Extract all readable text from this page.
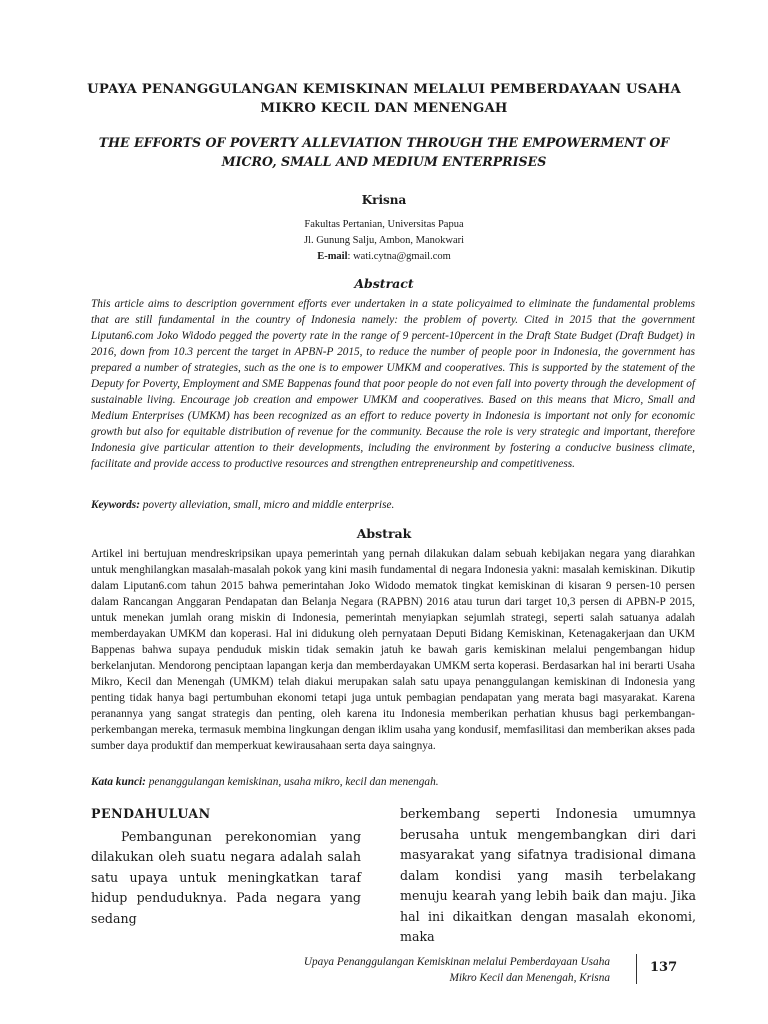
UPAYA PENANGGULANGAN KEMISKINAN MELALUI PEMBERDAYAAN USAHA MIKRO KECIL DAN MENENGAH
THE EFFORTS OF POVERTY ALLEVIATION THROUGH THE EMPOWERMENT OF MICRO, SMALL AND MEDIUM ENTERPRISES
Krisna
Fakultas Pertanian, Universitas Papua
Jl. Gunung Salju, Ambon, Manokwari
E-mail: wati.cytna@gmail.com
Abstract
This article aims to description government efforts ever undertaken in a state policyaimed to eliminate the fundamental problems that are still fundamental in the country of Indonesia namely: the problem of poverty. Cited in 2015 that the government Liputan6.com Joko Widodo pegged the poverty rate in the range of 9 percent-10percent in the Draft State Budget (Draft Budget) in 2016, down from 10.3 percent the target in APBN-P 2015, to reduce the number of people poor in Indonesia, the government has prepared a number of strategies, such as the one is to empower UMKM and cooperatives. This is supported by the statement of the Deputy for Poverty, Employment and SME Bappenas found that poor people do not even fall into poverty through the development of sustainable living. Encourage job creation and empower UMKM and cooperatives. Based on this means that Micro, Small and Medium Enterprises (UMKM) has been recognized as an effort to reduce poverty in Indonesia is important not only for economic growth but also for equitable distribution of revenue for the community. Because the role is very strategic and important, therefore Indonesia give particular attention to their developments, including the environment by fostering a conducive business climate, facilitate and provide access to productive resources and strengthen entrepreneurship and competitiveness.
Keywords: poverty alleviation, small, micro and middle enterprise.
Abstrak
Artikel ini bertujuan mendreskripsikan upaya pemerintah yang pernah dilakukan dalam sebuah kebijakan negara yang diarahkan untuk menghilangkan masalah-masalah pokok yang kini masih fundamental di negara Indonesia yakni: masalah kemiskinan. Dikutip dalam Liputan6.com tahun 2015 bahwa pemerintahan Joko Widodo mematok tingkat kemiskinan di kisaran 9 persen-10 persen dalam Rancangan Anggaran Pendapatan dan Belanja Negara (RAPBN) 2016 atau turun dari target 10,3 persen di APBN-P 2015, untuk menekan jumlah orang miskin di Indonesia, pemerintah menyiapkan sejumlah strategi, seperti salah satuanya adalah memberdayakan UMKM dan koperasi. Hal ini didukung oleh pernyataan Deputi Bidang Kemiskinan, Ketenagakerjaan dan UKM Bappenas bahwa supaya penduduk miskin tidak semakin jatuh ke bawah garis kemiskinan melalui pengembangan hidup berkelanjutan. Mendorong penciptaan lapangan kerja dan memberdayakan UMKM serta koperasi. Berdasarkan hal ini berarti Usaha Mikro, Kecil dan Menengah (UMKM) telah diakui merupakan salah satu upaya penanggulangan kemiskinan di Indonesia yang penting tidak hanya bagi pertumbuhan ekonomi tetapi juga untuk pembagian pendapatan yang merata bagi masyarakat. Karena peranannya yang sangat strategis dan penting, oleh karena itu Indonesia memberikan perhatian khusus bagi perkembangan-perkembangan mereka, termasuk membina lingkungan dengan iklim usaha yang kondusif, memfasilitasi dan memberikan akses pada sumber daya produktif dan memperkuat kewirausahaan serta daya saingnya.
Kata kunci: penanggulangan kemiskinan, usaha mikro, kecil dan menengah.
PENDAHULUAN

Pembangunan perekonomian yang dilakukan oleh suatu negara adalah salah satu upaya untuk meningkatkan taraf hidup penduduknya. Pada negara yang sedang

berkembang seperti Indonesia umumnya berusaha untuk mengembangkan diri dari masyarakat yang sifatnya tradisional dimana dalam kondisi yang masih terbelakang menuju kearah yang lebih baik dan maju. Jika hal ini dikaitkan dengan masalah ekonomi, maka

Upaya Penanggulangan Kemiskinan melalui Pemberdayaan Usaha
Mikro Kecil dan Menengah, Krisna
137
